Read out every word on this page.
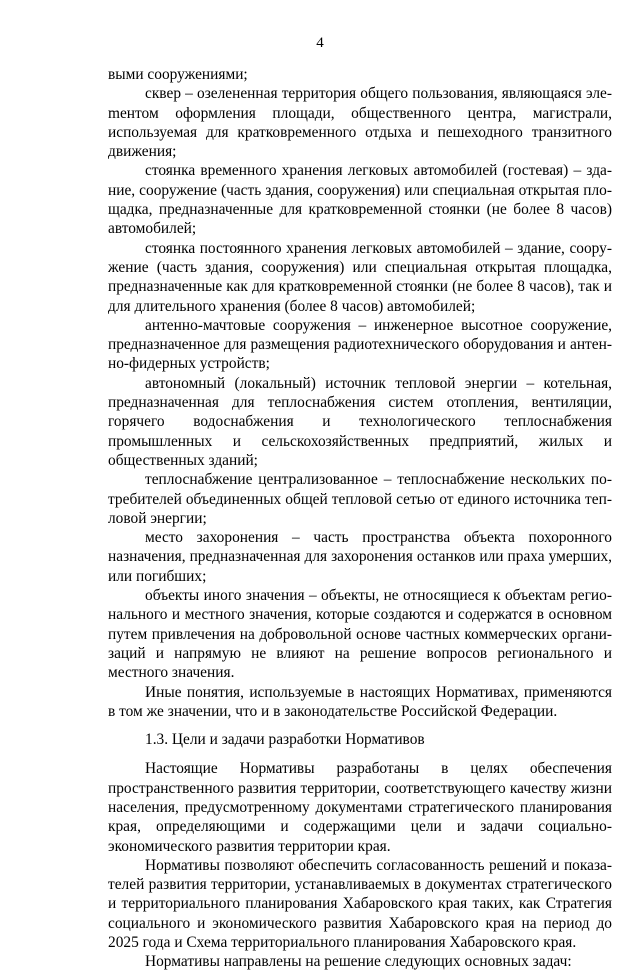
4

выми сооружениями;

сквер – озелененная территория общего пользования, являющаяся элеmентом оформления площади, общественного центра, магистрали, используемая для кратковременного отдыха и пешеходного транзитного движения;

стоянка временного хранения легковых автомобилей (гостевая) – здание, сооружение (часть здания, сооружения) или специальная открытая площадка, предназначенные для кратковременной стоянки (не более 8 часов) автомобилей;

стоянка постоянного хранения легковых автомобилей – здание, сооружение (часть здания, сооружения) или специальная открытая площадка, предназначенные как для кратковременной стоянки (не более 8 часов), так и для длительного хранения (более 8 часов) автомобилей;

антенно-мачтовые сооружения – инженерное высотное сооружение, предназначенное для размещения радиотехнического оборудования и антенно-фидерных устройств;

автономный (локальный) источник тепловой энергии – котельная, предназначенная для теплоснабжения систем отопления, вентиляции, горячего водоснабжения и технологического теплоснабжения промышленных и сельскохозяйственных предприятий, жилых и общественных зданий;

теплоснабжение централизованное – теплоснабжение нескольких потребителей объединенных общей тепловой сетью от единого источника тепловой энергии;

место захоронения – часть пространства объекта похоронного назначения, предназначенная для захоронения останков или праха умерших, или погибших;

объекты иного значения – объекты, не относящиеся к объектам регионального и местного значения, которые создаются и содержатся в основном путем привлечения на добровольной основе частных коммерческих организаций и напрямую не влияют на решение вопросов регионального и местного значения.

Иные понятия, используемые в настоящих Нормативах, применяются в том же значении, что и в законодательстве Российской Федерации.

1.3. Цели и задачи разработки Нормативов

Настоящие Нормативы разработаны в целях обеспечения пространственного развития территории, соответствующего качеству жизни населения, предусмотренному документами стратегического планирования края, определяющими и содержащими цели и задачи социально-экономического развития территории края.

Нормативы позволяют обеспечить согласованность решений и показателей развития территории, устанавливаемых в документах стратегического и территориального планирования Хабаровского края таких, как Стратегия социального и экономического развития Хабаровского края на период до 2025 года и Схема территориального планирования Хабаровского края.

Нормативы направлены на решение следующих основных задач:
